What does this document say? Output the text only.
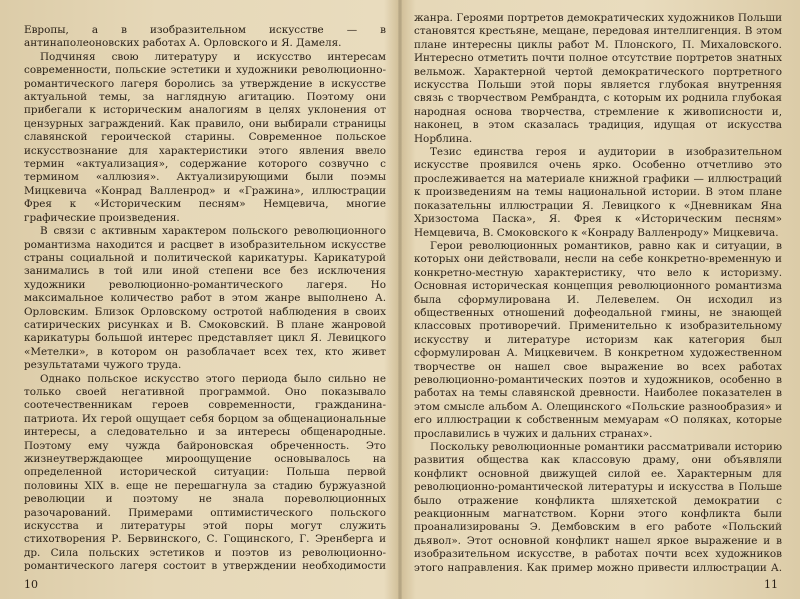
Европы, а в изобразительном искусстве — в антинаполеоновских работах А. Орловского и Я. Дамеля.

Подчиняя свою литературу и искусство интересам современности, польские эстетики и художники революционно-романтического лагеря боролись за утверждение в искусстве актуальной темы, за наглядную агитацию. Поэтому они прибегали к историческим аналогиям в целях уклонения от цензурных заграждений. Как правило, они выбирали страницы славянской героической старины. Современное польское искусствознание для характеристики этого явления ввело термин «актуализация», содержание которого созвучно с термином «аллюзия». Актуализирующими были поэмы Мицкевича «Конрад Валленрод» и «Гражина», иллюстрации Фрея к «Историческим песням» Немцевича, многие графические произведения.

В связи с активным характером польского революционного романтизма находится и расцвет в изобразительном искусстве страны социальной и политической карикатуры. Карикатурой занимались в той или иной степени все без исключения художники революционно-романтического лагеря. Но максимальное количество работ в этом жанре выполнено А. Орловским. Близок Орловскому остротой наблюдения в своих сатирических рисунках и В. Смоковский. В плане жанровой карикатуры большой интерес представляет цикл Я. Левицкого «Метелки», в котором он разоблачает всех тех, кто живет результатами чужого труда.

Однако польское искусство этого периода было сильно не только своей негативной программой. Оно показывало соотечественникам героев современности, гражданина-патриота. Их герой ощущает себя борцом за общенациональные интересы, а следовательно и за интересы общенародные. Поэтому ему чужда байроновская обреченность. Это жизнеутверждающее мироощущение основывалось на определенной исторической ситуации: Польша первой половины XIX в. еще не перешагнула за стадию буржуазной революции и поэтому не знала пореволюционных разочарований. Примерами оптимистического польского искусства и литературы этой поры могут служить стихотворения Р. Бервинского, С. Гощинского, Г. Эренберга и др. Сила польских эстетиков и поэтов из революционно-романтического лагеря состоит в утверждении необходимости

10

жанра. Героями портретов демократических художников Польши становятся крестьяне, мещане, передовая интеллигенция. В этом плане интересны циклы работ М. Плонского, П. Михаловского. Интересно отметить почти полное отсутствие портретов знатных вельмож. Характерной чертой демократического портретного искусства Польши этой поры является глубокая внутренняя связь с творчеством Рембрандта, с которым их роднила глубокая народная основа творчества, стремление к живописности и, наконец, в этом сказалась традиция, идущая от искусства Норблина.

Тезис единства героя и аудитории в изобразительном искусстве проявился очень ярко. Особенно отчетливо это прослеживается на материале книжной графики — иллюстраций к произведениям на темы национальной истории. В этом плане показательны иллюстрации Я. Левицкого к «Дневникам Яна Хризостома Паска», Я. Фрея к «Историческим песням» Немцевича, В. Смоковского к «Конраду Валленроду» Мицкевича.

Герои революционных романтиков, равно как и ситуации, в которых они действовали, несли на себе конкретно-временную и конкретно-местную характеристику, что вело к историзму. Основная историческая концепция революционного романтизма была сформулирована И. Лелевелем. Он исходил из общественных отношений дофеодальной гмины, не знающей классовых противоречий. Применительно к изобразительному искусству и литературе историзм как категория был сформулирован А. Мицкевичем. В конкретном художественном творчестве он нашел свое выражение во всех работах революционно-романтических поэтов и художников, особенно в работах на темы славянской древности. Наиболее показателен в этом смысле альбом А. Олещинского «Польские разнообразия» и его иллюстрации к собственным мемуарам «О поляках, которые прославились в чужих и дальних странах».

Поскольку революционные романтики рассматривали историю развития общества как классовую драму, они объявляли конфликт основной движущей силой ее. Характерным для революционно-романтической литературы и искусства в Польше было отражение конфликта шляхетской демократии с реакционным магнатством. Корни этого конфликта были проанализированы Э. Дембовским в его работе «Польский дьявол». Этот основной конфликт нашел яркое выражение и в изобразительном искусстве, в работах почти всех художников этого направления. Как пример можно привести иллюстрации А.

11
